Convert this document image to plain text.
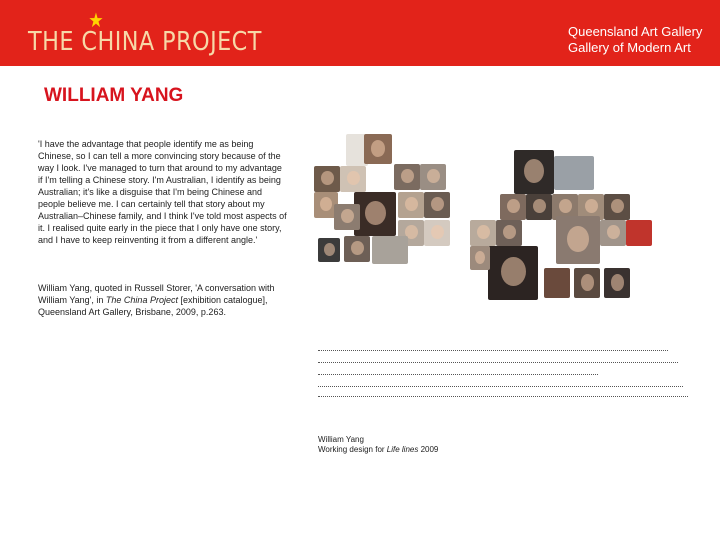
THE CH
★
INA PROJECT	Queensland Art Gallery
Gallery of Modern Art
WILLIAM YANG

'I have the advantage that people identify me as being Chinese, so I can tell a more convincing story because of the way I look. I've managed to turn that around to my advantage if I'm telling a Chinese story. I'm Australian, I identify as being Australian; it's like a disguise that I'm being Chinese and people believe me. I can certainly tell that story about my Australian–Chinese family, and I think I've told most aspects of it. I realised quite early in the piece that I only have one story, and I have to keep reinventing it from a different angle.'

William Yang, quoted in Russell Storer, 'A conversation with William Yang', in The China Project [exhibition catalogue], Queensland Art Gallery, Brisbane, 2009, p.263.

William Yang
Working design for Life lines 2009
